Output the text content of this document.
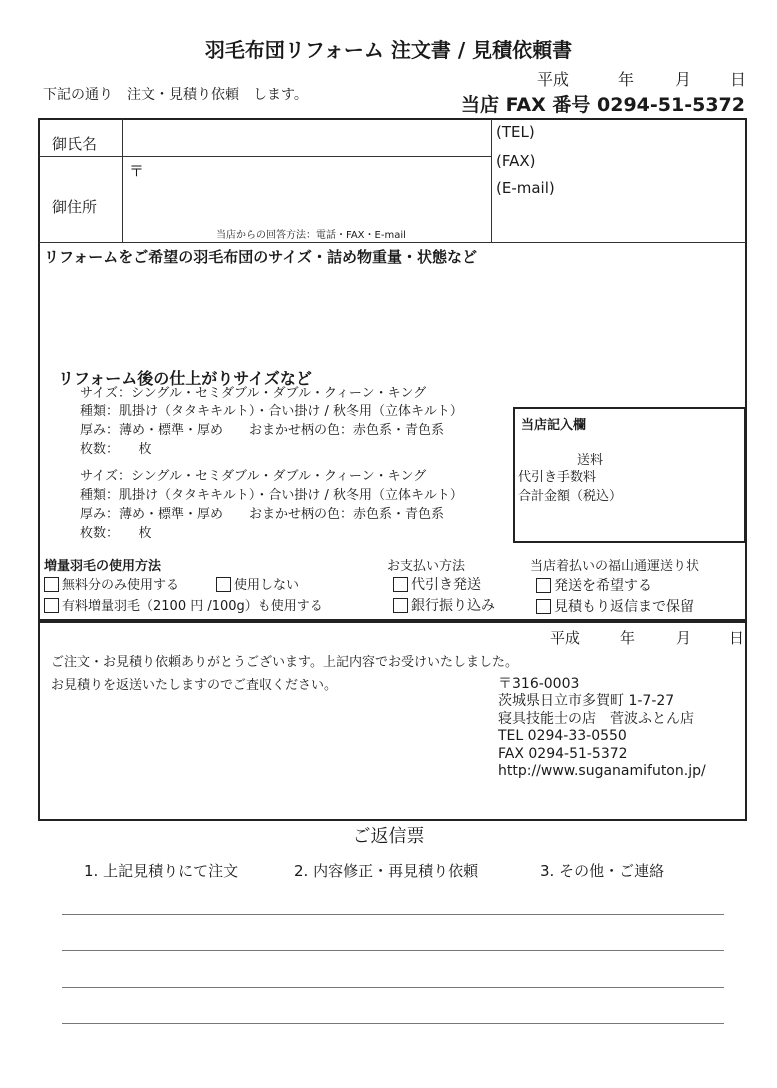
羽毛布団リフォーム 注文書 / 見積依頼書
平成	年	月 日
下記の通り　注文・見積り依頼　します。	当店 FAX 番号 0294-51-5372
御氏名
御住所
〒
当店からの回答方法：電話・FAX・E-mail
(TEL)
(FAX)
(E-mail)
リフォームをご希望の羽毛布団のサイズ・詰め物重量・状態など
リフォーム後の仕上がりサイズなど
サイズ：シングル・セミダブル・ダブル・クィーン・キング
種類：肌掛け（タタキキルト）・合い掛け / 秋冬用（立体キルト）
厚み：薄め・標準・厚め　　おまかせ柄の色：赤色系・青色系
枚数：　　枚
サイズ：シングル・セミダブル・ダブル・クィーン・キング
種類：肌掛け（タタキキルト）・合い掛け / 秋冬用（立体キルト）
厚み：薄め・標準・厚め　　おまかせ柄の色：赤色系・青色系
枚数：　　枚
当店記入欄
送料
代引き手数料
合計金額（税込）
増量羽毛の使用方法
無料分のみ使用する	使用しない
有料増量羽毛（2100 円 /100g）も使用する
お支払い方法
代引き発送
銀行振り込み
当店着払いの福山通運送り状
発送を希望する
見積もり返信まで保留
平成	年	月	日
ご注文・お見積り依頼ありがとうございます。上記内容でお受けいたしました。
お見積りを返送いたしますのでご査収ください。	〒316-0003
茨城県日立市多賀町 1-7-27
寝具技能士の店　菅波ふとん店
TEL 0294-33-0550
FAX 0294-51-5372
http://www.suganamifuton.jp/
ご返信票
1. 上記見積りにて注文	2. 内容修正・再見積り依頼	3. その他・ご連絡
